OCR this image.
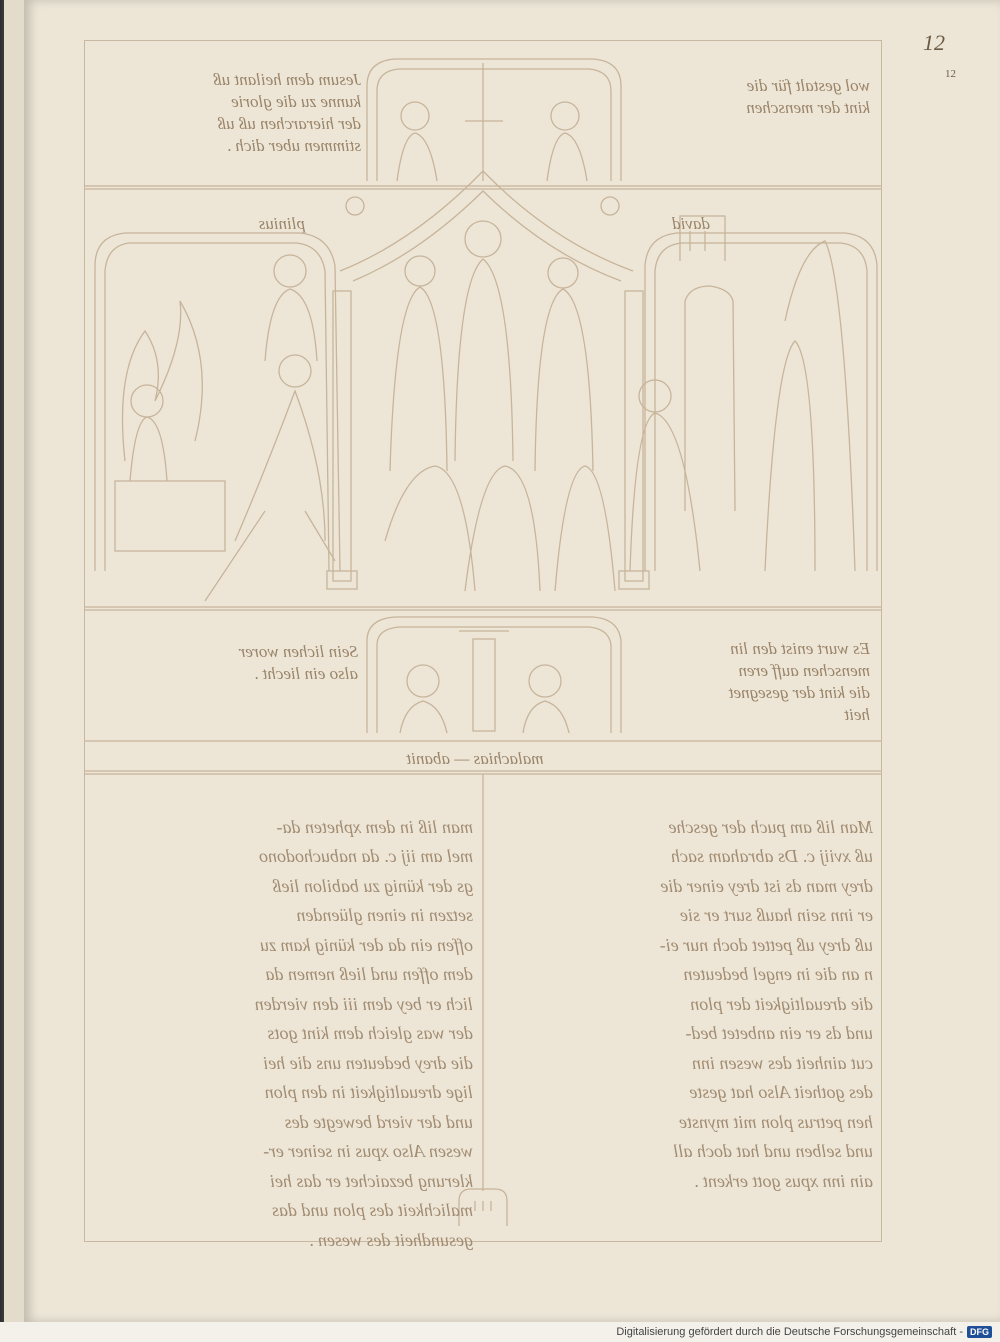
12
12

Jesum dem heilant uß
kunne zu die glorie
der hierarchen uß uß
stimmen uber dich .

wol gestalt für die
kint der menschen

plinius	david

Sein lichen worer
also ein liecht .

Es wurt enist den lin
menschen auff eren
die kint der gesegnet
heit

malachias — abanit

man liß in dem xpheten da-
mel am iij c. da nabuchodono
gs der künig zu babilon ließ
setzen in einen glüenden
offen ein da der künig kam zu
dem offen und ließ nemen da
lich er bey dem iii den vierden
der was gleich dem kint gots
die drey bedeuten uns die hei
lige dreualtigkeit in den plon
und der vierd bewegte des
wesen Also xpus in seiner er-
klerung bezaichet er das hei
malichkeit des plon und das
gesundheit des wesen .

Man liß am puch der gesche
uß xviij c. Ds abraham sach
drey man ds ist drey einer die
er inn sein hauß surt er sie
uß drey uß pettet doch nur ei-
n an die in engel bedeuten
die dreualtigkeit der plon
und ds er ein anbetet bed-
cut ainheit des wesen inn
des gotheit Also hat geste
hen petrus plon mit mynste
und selben und hat doch all
ain inn xpus gott erkent .

Digitalisierung gefördert durch die Deutsche Forschungsgemeinschaft - DFG
